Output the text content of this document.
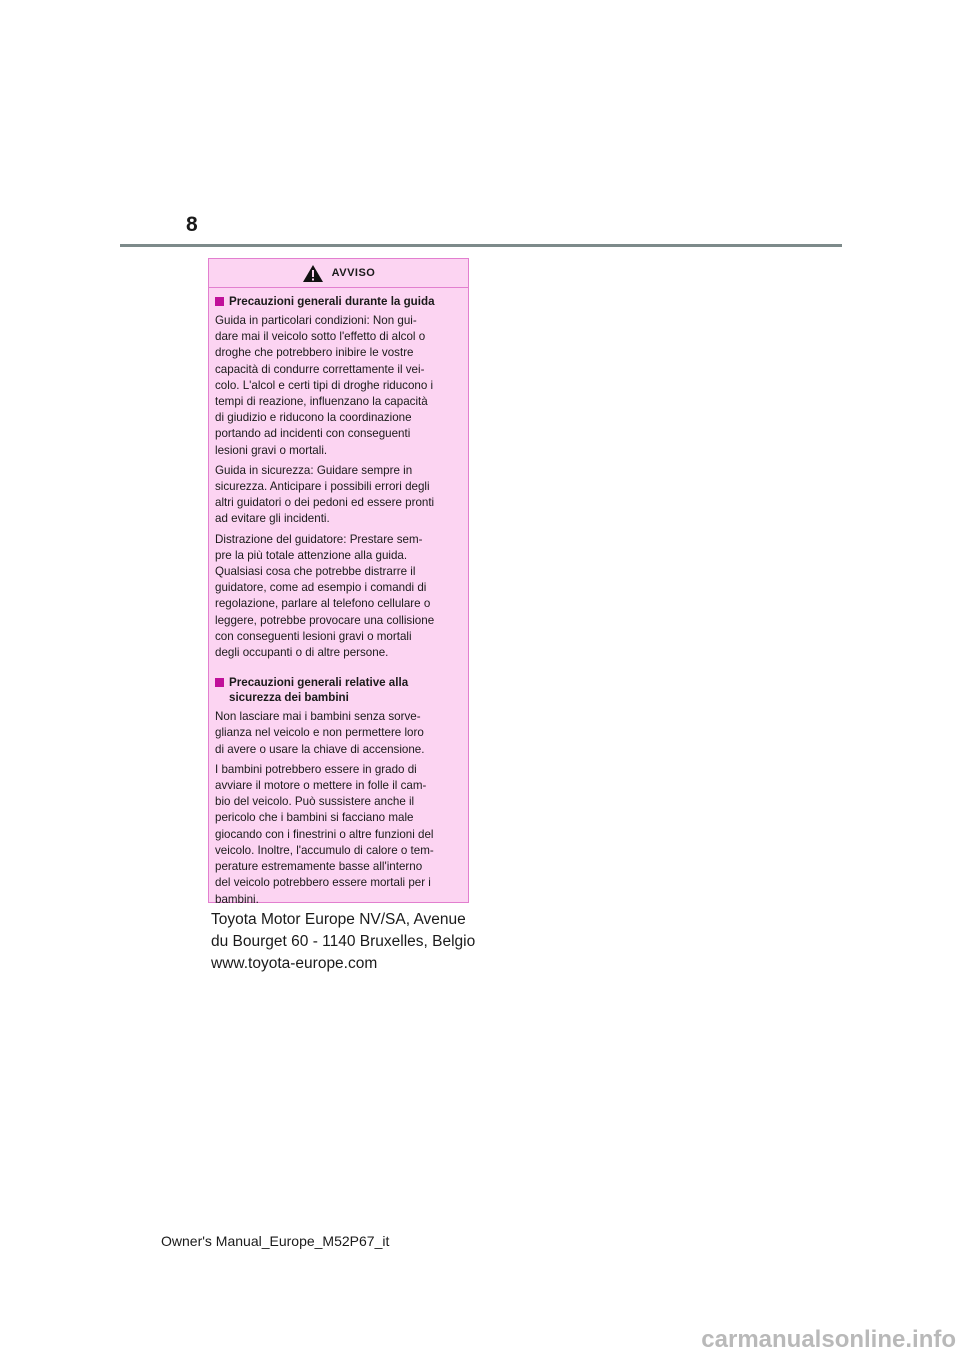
8
AVVISO
Precauzioni generali durante la guida

Guida in particolari condizioni: Non gui-
dare mai il veicolo sotto l'effetto di alcol o
droghe che potrebbero inibire le vostre
capacità di condurre correttamente il vei-
colo. L'alcol e certi tipi di droghe riducono i
tempi di reazione, influenzano la capacità
di giudizio e riducono la coordinazione
portando ad incidenti con conseguenti
lesioni gravi o mortali.

Guida in sicurezza: Guidare sempre in
sicurezza. Anticipare i possibili errori degli
altri guidatori o dei pedoni ed essere pronti
ad evitare gli incidenti.

Distrazione del guidatore: Prestare sem-
pre la più totale attenzione alla guida.
Qualsiasi cosa che potrebbe distrarre il
guidatore, come ad esempio i comandi di
regolazione, parlare al telefono cellulare o
leggere, potrebbe provocare una collisione
con conseguenti lesioni gravi o mortali
degli occupanti o di altre persone.

Precauzioni generali relative alla
sicurezza dei bambini

Non lasciare mai i bambini senza sorve-
glianza nel veicolo e non permettere loro
di avere o usare la chiave di accensione.

I bambini potrebbero essere in grado di
avviare il motore o mettere in folle il cam-
bio del veicolo. Può sussistere anche il
pericolo che i bambini si facciano male
giocando con i finestrini o altre funzioni del
veicolo. Inoltre, l'accumulo di calore o tem-
perature estremamente basse all'interno
del veicolo potrebbero essere mortali per i
bambini.

Toyota Motor Europe NV/SA, Avenue
du Bourget 60 - 1140 Bruxelles, Belgio
www.toyota-europe.com
Owner's Manual_Europe_M52P67_it
carmanualsonline.info
